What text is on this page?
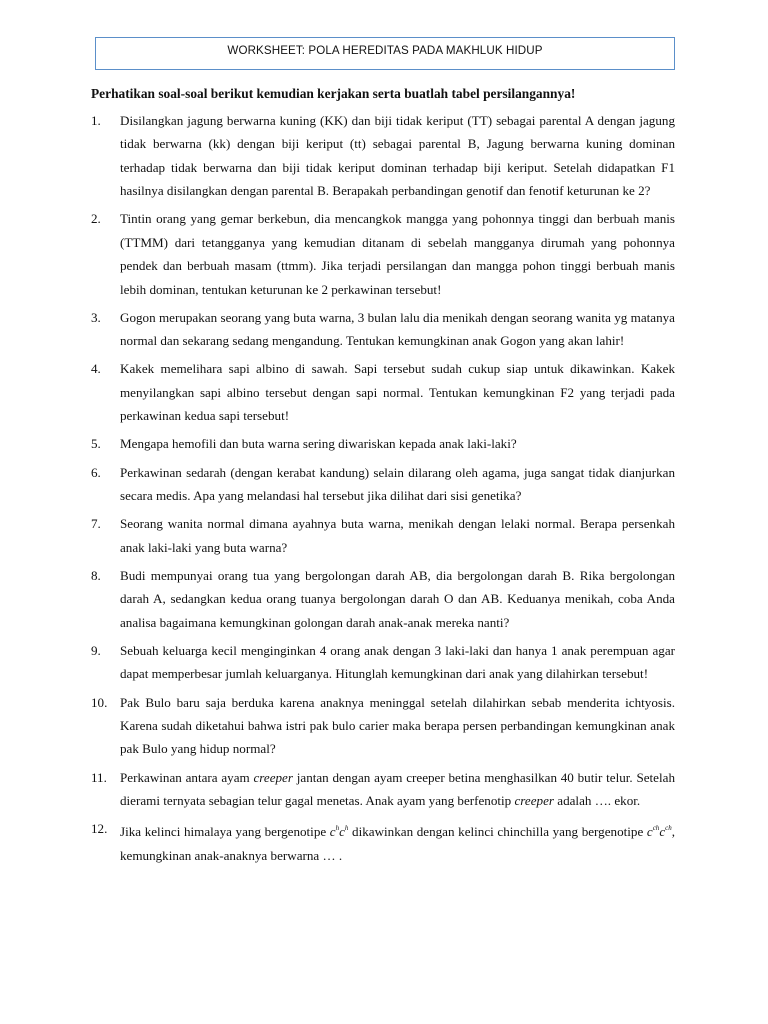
WORKSHEET: POLA HEREDITAS PADA MAKHLUK HIDUP
Perhatikan soal-soal berikut kemudian kerjakan serta buatlah tabel persilangannya!
1. Disilangkan jagung berwarna kuning (KK) dan biji tidak keriput (TT) sebagai parental A dengan jagung tidak berwarna (kk) dengan biji keriput (tt) sebagai parental B, Jagung berwarna kuning dominan terhadap tidak berwarna dan biji tidak keriput dominan terhadap biji keriput. Setelah didapatkan F1 hasilnya disilangkan dengan parental B. Berapakah perbandingan genotif dan fenotif keturunan ke 2?
2. Tintin orang yang gemar berkebun, dia mencangkok mangga yang pohonnya tinggi dan berbuah manis (TTMM) dari tetangganya yang kemudian ditanam di sebelah mangganya dirumah yang pohonnya pendek dan berbuah masam (ttmm). Jika terjadi persilangan dan mangga pohon tinggi berbuah manis lebih dominan, tentukan keturunan ke 2 perkawinan tersebut!
3. Gogon merupakan seorang yang buta warna, 3 bulan lalu dia menikah dengan seorang wanita yg matanya normal dan sekarang sedang mengandung. Tentukan kemungkinan anak Gogon yang akan lahir!
4. Kakek memelihara sapi albino di sawah. Sapi tersebut sudah cukup siap untuk dikawinkan. Kakek menyilangkan sapi albino tersebut dengan sapi normal. Tentukan kemungkinan F2 yang terjadi pada perkawinan kedua sapi tersebut!
5. Mengapa hemofili dan buta warna sering diwariskan kepada anak laki-laki?
6. Perkawinan sedarah (dengan kerabat kandung) selain dilarang oleh agama, juga sangat tidak dianjurkan secara medis. Apa yang melandasi hal tersebut jika dilihat dari sisi genetika?
7. Seorang wanita normal dimana ayahnya buta warna, menikah dengan lelaki normal. Berapa persenkah anak laki-laki yang buta warna?
8. Budi mempunyai orang tua yang bergolongan darah AB, dia bergolongan darah B. Rika bergolongan darah A, sedangkan kedua orang tuanya bergolongan darah O dan AB. Keduanya menikah, coba Anda analisa bagaimana kemungkinan golongan darah anak-anak mereka nanti?
9. Sebuah keluarga kecil menginginkan 4 orang anak dengan 3 laki-laki dan hanya 1 anak perempuan agar dapat memperbesar jumlah keluarganya. Hitunglah kemungkinan dari anak yang dilahirkan tersebut!
10. Pak Bulo baru saja berduka karena anaknya meninggal setelah dilahirkan sebab menderita ichtyosis. Karena sudah diketahui bahwa istri pak bulo carier maka berapa persen perbandingan kemungkinan anak pak Bulo yang hidup normal?
11. Perkawinan antara ayam creeper jantan dengan ayam creeper betina menghasilkan 40 butir telur. Setelah dierami ternyata sebagian telur gagal menetas. Anak ayam yang berfenotip creeper adalah …. ekor.
12. Jika kelinci himalaya yang bergenotipe $c^hc^h$ dikawinkan dengan kelinci chinchilla yang bergenotipe $c^{ch}c^{ch}$, kemungkinan anak-anaknya berwarna … .
